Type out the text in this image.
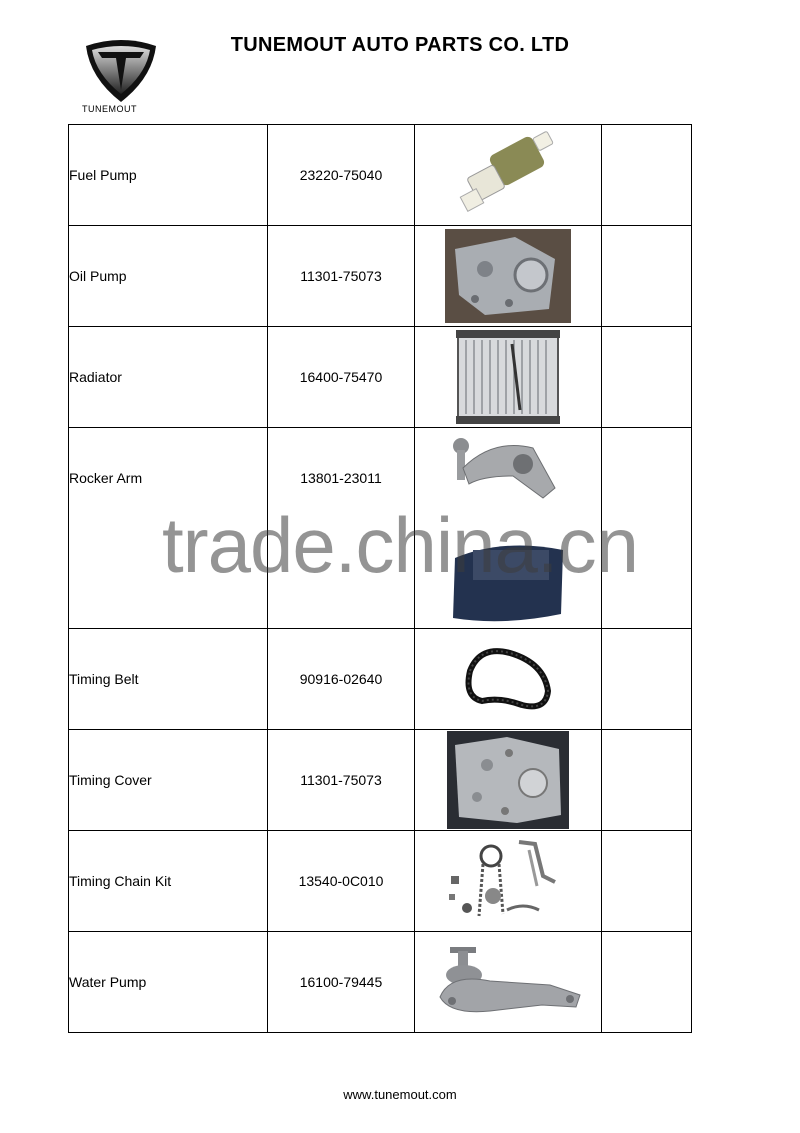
TUNEMOUT
TUNEMOUT AUTO PARTS CO. LTD
Fuel Pump	23220-75040	

Oil Pump	11301-75073	

Radiator	16400-75470	

Rocker Arm	13801-23011	

Timing Belt	90916-02640	

Timing Cover	11301-75073	

Timing Chain Kit	13540-0C010	

Water Pump	16100-79445	

trade.china.cn
www.tunemout.com
